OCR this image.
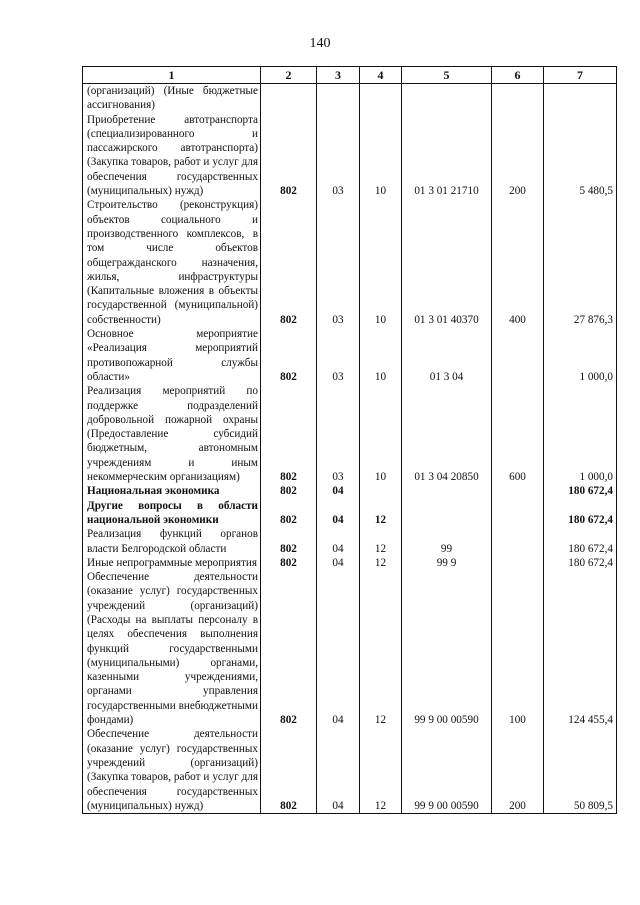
140
1	2	3	4	5	6	7
(организаций) (Иные бюджетные ассигнования)						
Приобретение автотранспорта (специализированного и пассажирского автотранспорта) (Закупка товаров, работ и услуг для обеспечения государственных (муниципальных) нужд)	802	03	10	01 3 01 21710	200	5 480,5
Строительство (реконструкция) объектов социального и производственного комплексов, в том числе объектов общегражданского назначения, жилья, инфраструктуры (Капитальные вложения в объекты государственной (муниципальной) собственности)	802	03	10	01 3 01 40370	400	27 876,3
Основное мероприятие «Реализация мероприятий противопожарной службы области»	802	03	10	01 3 04		1 000,0
Реализация мероприятий по поддержке подразделений добровольной пожарной охраны (Предоставление субсидий бюджетным, автономным учреждениям и иным некоммерческим организациям)	802	03	10	01 3 04 20850	600	1 000,0
Национальная экономика	802	04				180 672,4
Другие вопросы в области национальной экономики	802	04	12			180 672,4
Реализация функций органов власти Белгородской области	802	04	12	99		180 672,4
Иные непрограммные мероприятия	802	04	12	99 9		180 672,4
Обеспечение деятельности (оказание услуг) государственных учреждений (организаций) (Расходы на выплаты персоналу в целях обеспечения выполнения функций государственными (муниципальными) органами, казенными учреждениями, органами управления государственными внебюджетными фондами)	802	04	12	99 9 00 00590	100	124 455,4
Обеспечение деятельности (оказание услуг) государственных учреждений (организаций) (Закупка товаров, работ и услуг для обеспечения государственных (муниципальных) нужд)	802	04	12	99 9 00 00590	200	50 809,5
